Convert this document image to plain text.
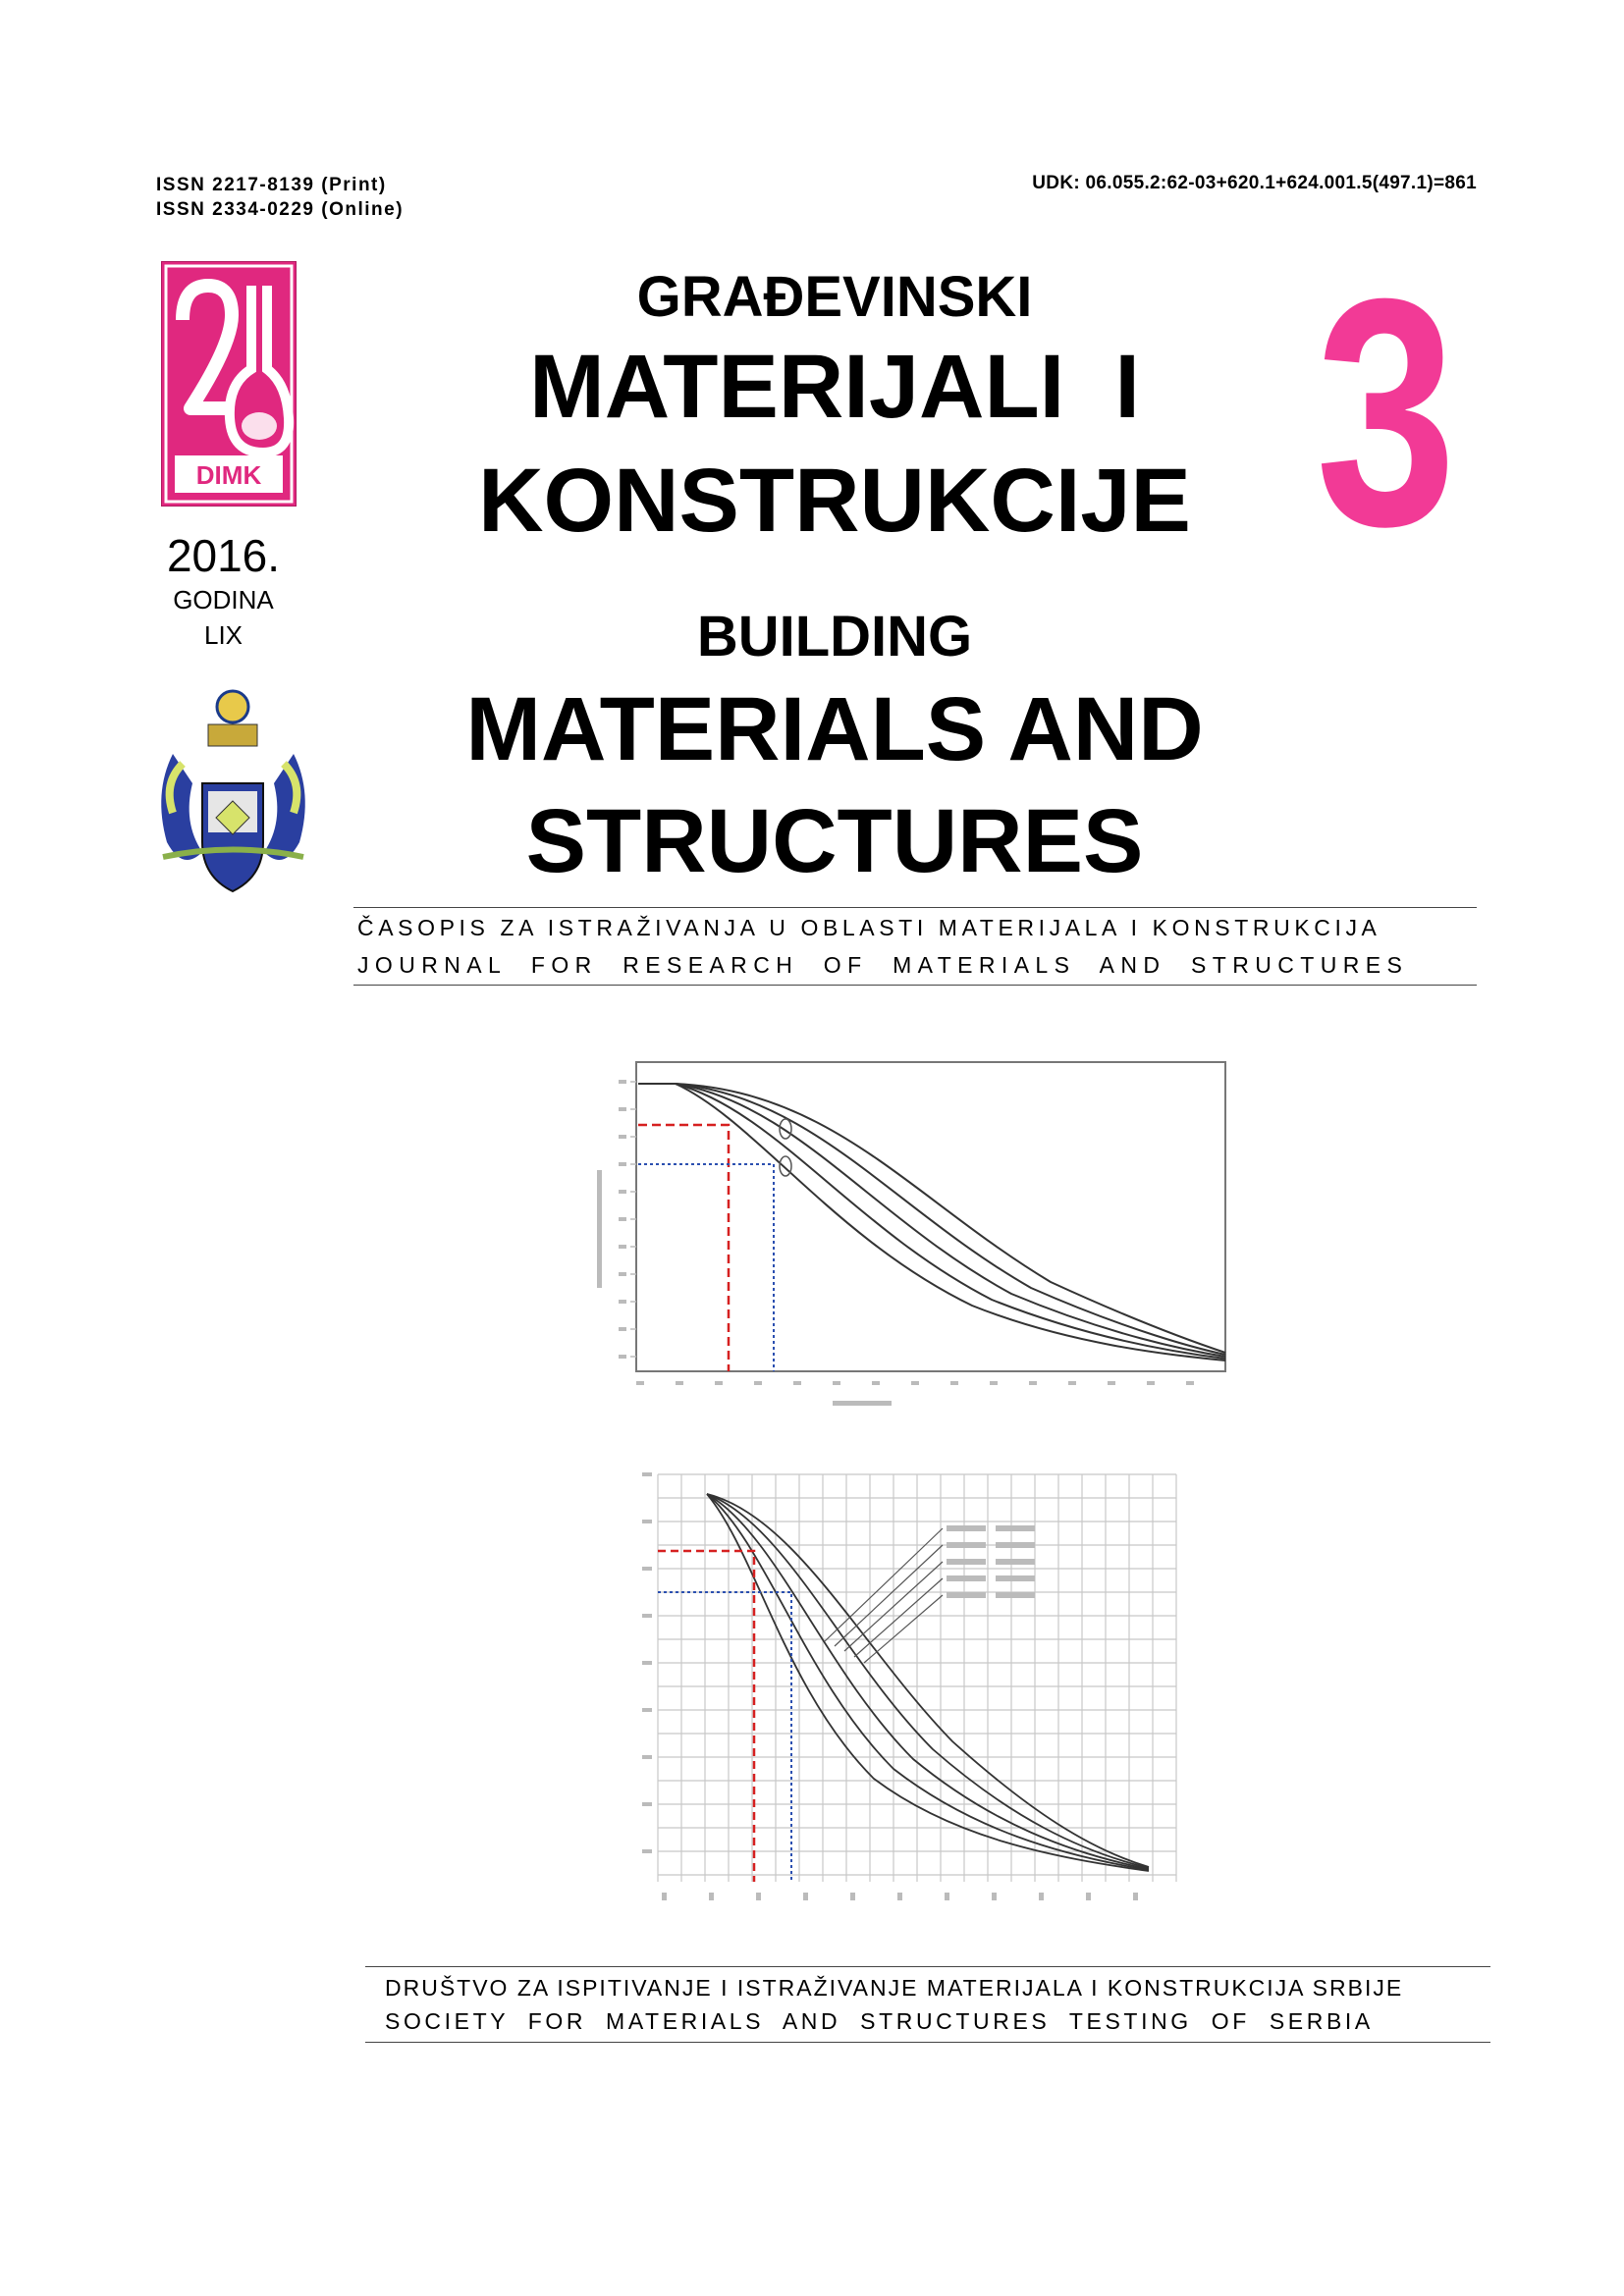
ISSN 2217-8139 (Print)
ISSN 2334-0229 (Online)
UDK: 06.055.2:62-03+620.1+624.001.5(497.1)=861
DIMK
2016.
GODINA
LIX
GRAĐEVINSKI
MATERIJALI  I
KONSTRUKCIJE 3
BUILDING
MATERIALS AND
STRUCTURES
ČASOPIS ZA ISTRAŽIVANJA U OBLASTI MATERIJALA I KONSTRUKCIJA
JOURNAL  FOR  RESEARCH  OF  MATERIALS  AND  STRUCTURES
DRUŠTVO ZA ISPITIVANJE I ISTRAŽIVANJE MATERIJALA I KONSTRUKCIJA SRBIJE
SOCIETY  FOR  MATERIALS  AND  STRUCTURES  TESTING  OF  SERBIA
